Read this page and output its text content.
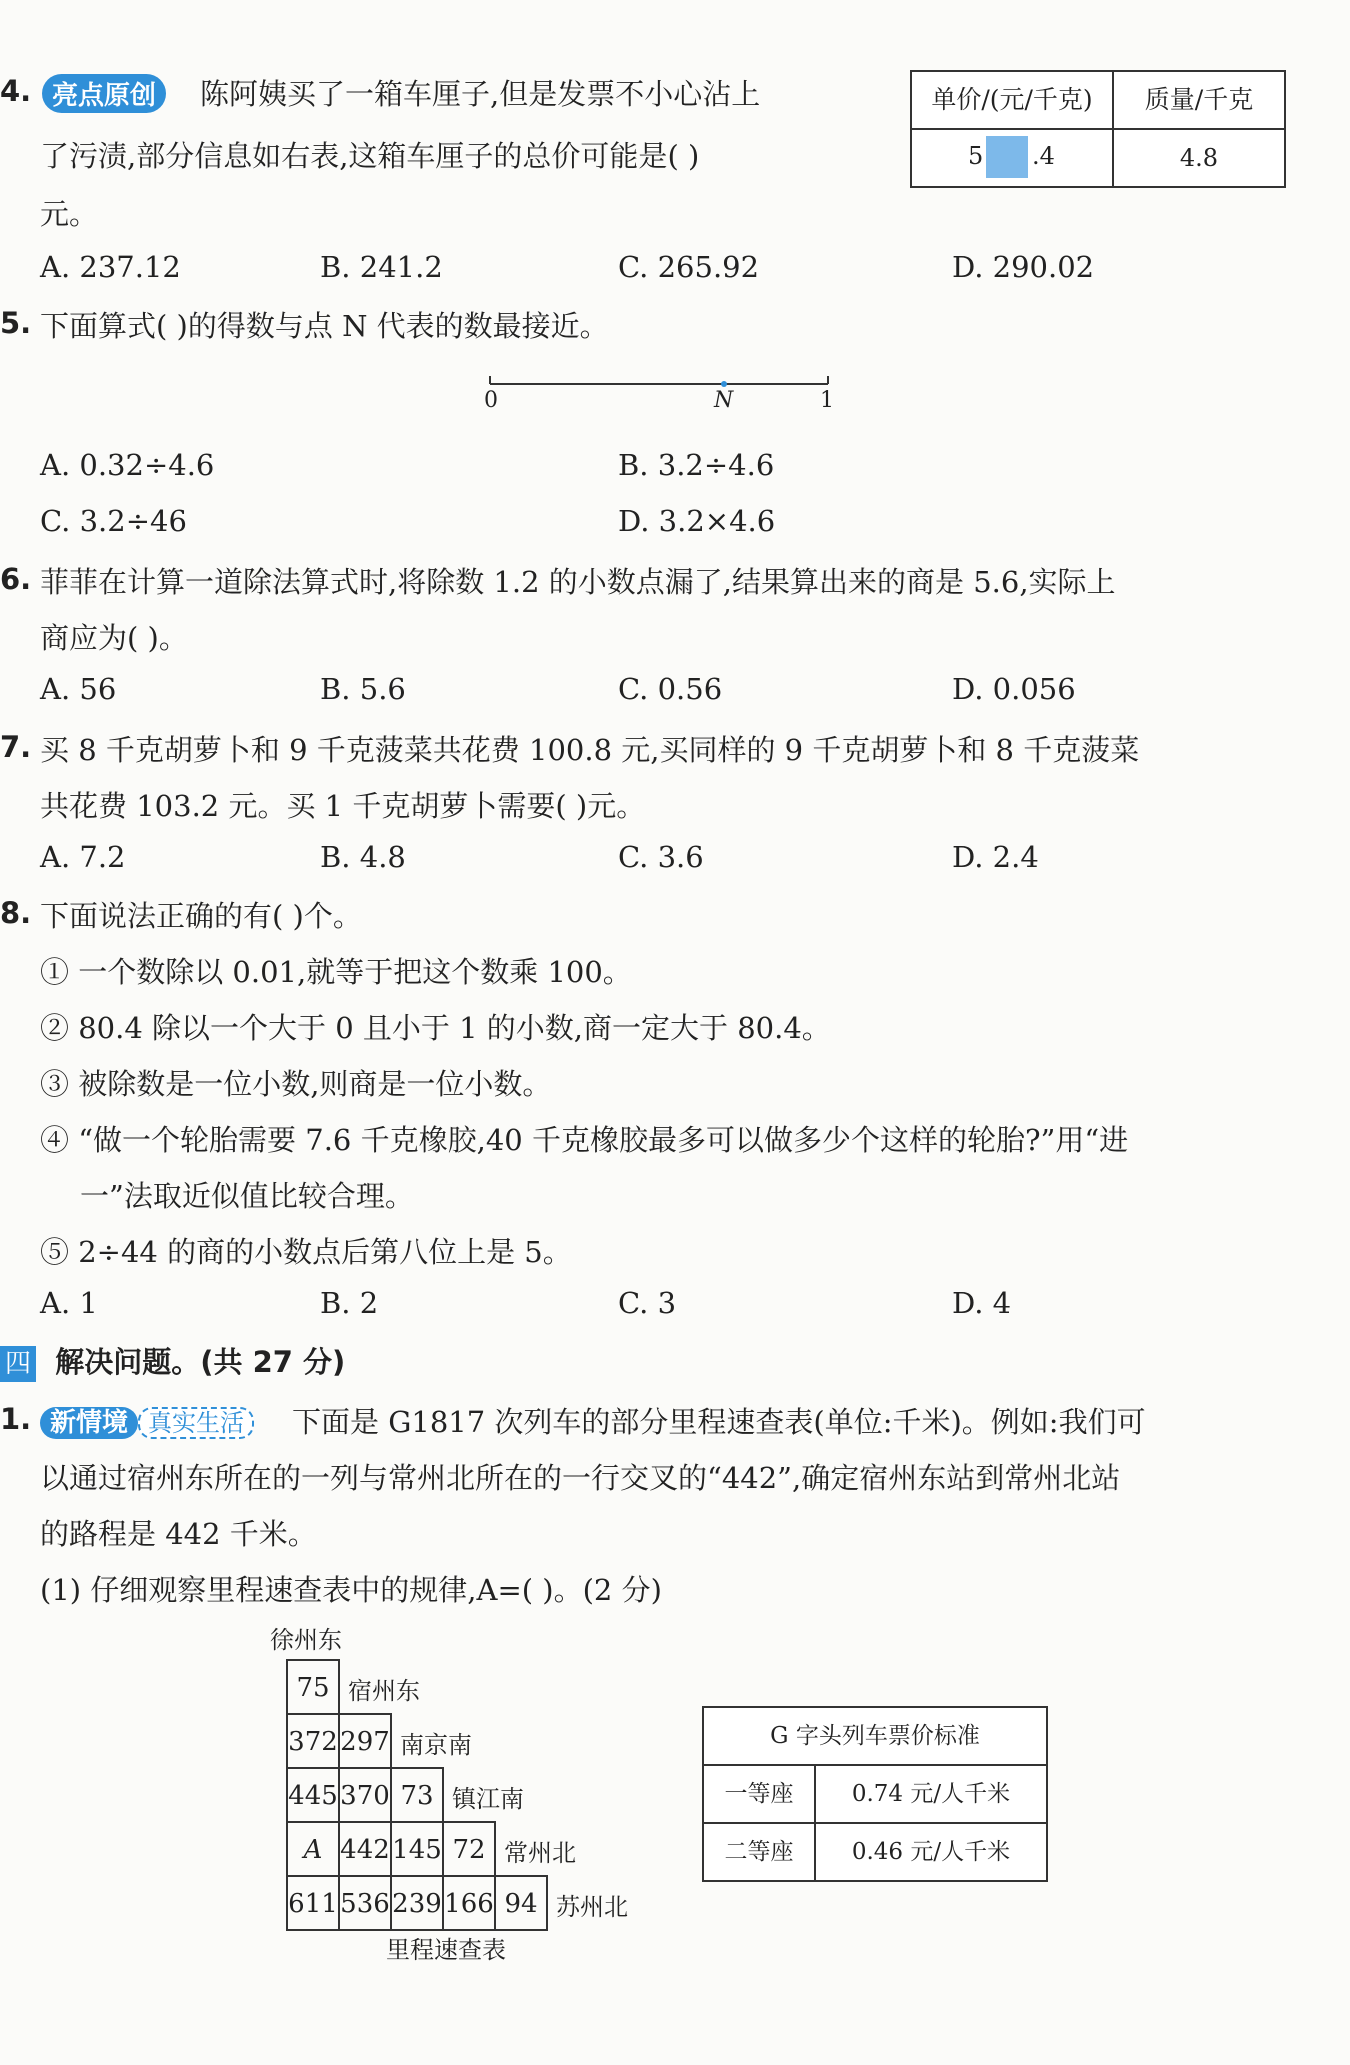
4. 亮点原创	陈阿姨买了一箱车厘子,但是发票不小心沾上
了污渍,部分信息如右表,这箱车厘子的总价可能是( )
元。
单价/(元/千克)	质量/千克
5 .4	4.8
A. 237.12	B. 241.2	C. 265.92	D. 290.02
5. 下面算式( )的得数与点 N 代表的数最接近。
0	N	1
A. 0.32÷4.6	B. 3.2÷4.6
C. 3.2÷46	D. 3.2×4.6
6. 菲菲在计算一道除法算式时,将除数 1.2 的小数点漏了,结果算出来的商是 5.6,实际上
商应为( )。
A. 56	B. 5.6	C. 0.56	D. 0.056
7. 买 8 千克胡萝卜和 9 千克菠菜共花费 100.8 元,买同样的 9 千克胡萝卜和 8 千克菠菜
共花费 103.2 元。买 1 千克胡萝卜需要( )元。
A. 7.2	B. 4.8	C. 3.6	D. 2.4
8. 下面说法正确的有( )个。
① 一个数除以 0.01,就等于把这个数乘 100。
② 80.4 除以一个大于 0 且小于 1 的小数,商一定大于 80.4。
③ 被除数是一位小数,则商是一位小数。
④ “做一个轮胎需要 7.6 千克橡胶,40 千克橡胶最多可以做多少个这样的轮胎?”用“进
一”法取近似值比较合理。
⑤ 2÷44 的商的小数点后第八位上是 5。
A. 1	B. 2	C. 3	D. 4
四 解决问题。(共 27 分)
1. 新情境 真实生活	下面是 G1817 次列车的部分里程速查表(单位:千米)。例如:我们可
以通过宿州东所在的一列与常州北所在的一行交叉的“442”,确定宿州东站到常州北站
的路程是 442 千米。
(1) 仔细观察里程速查表中的规律,A=( )。(2 分)
徐州东
75 宿州东
372 297 南京南
445 370 73 镇江南
A 442 145 72 常州北
611 536 239 166 94 苏州北
里程速查表
G 字头列车票价标准
一等座	0.74 元/人千米
二等座	0.46 元/人千米
